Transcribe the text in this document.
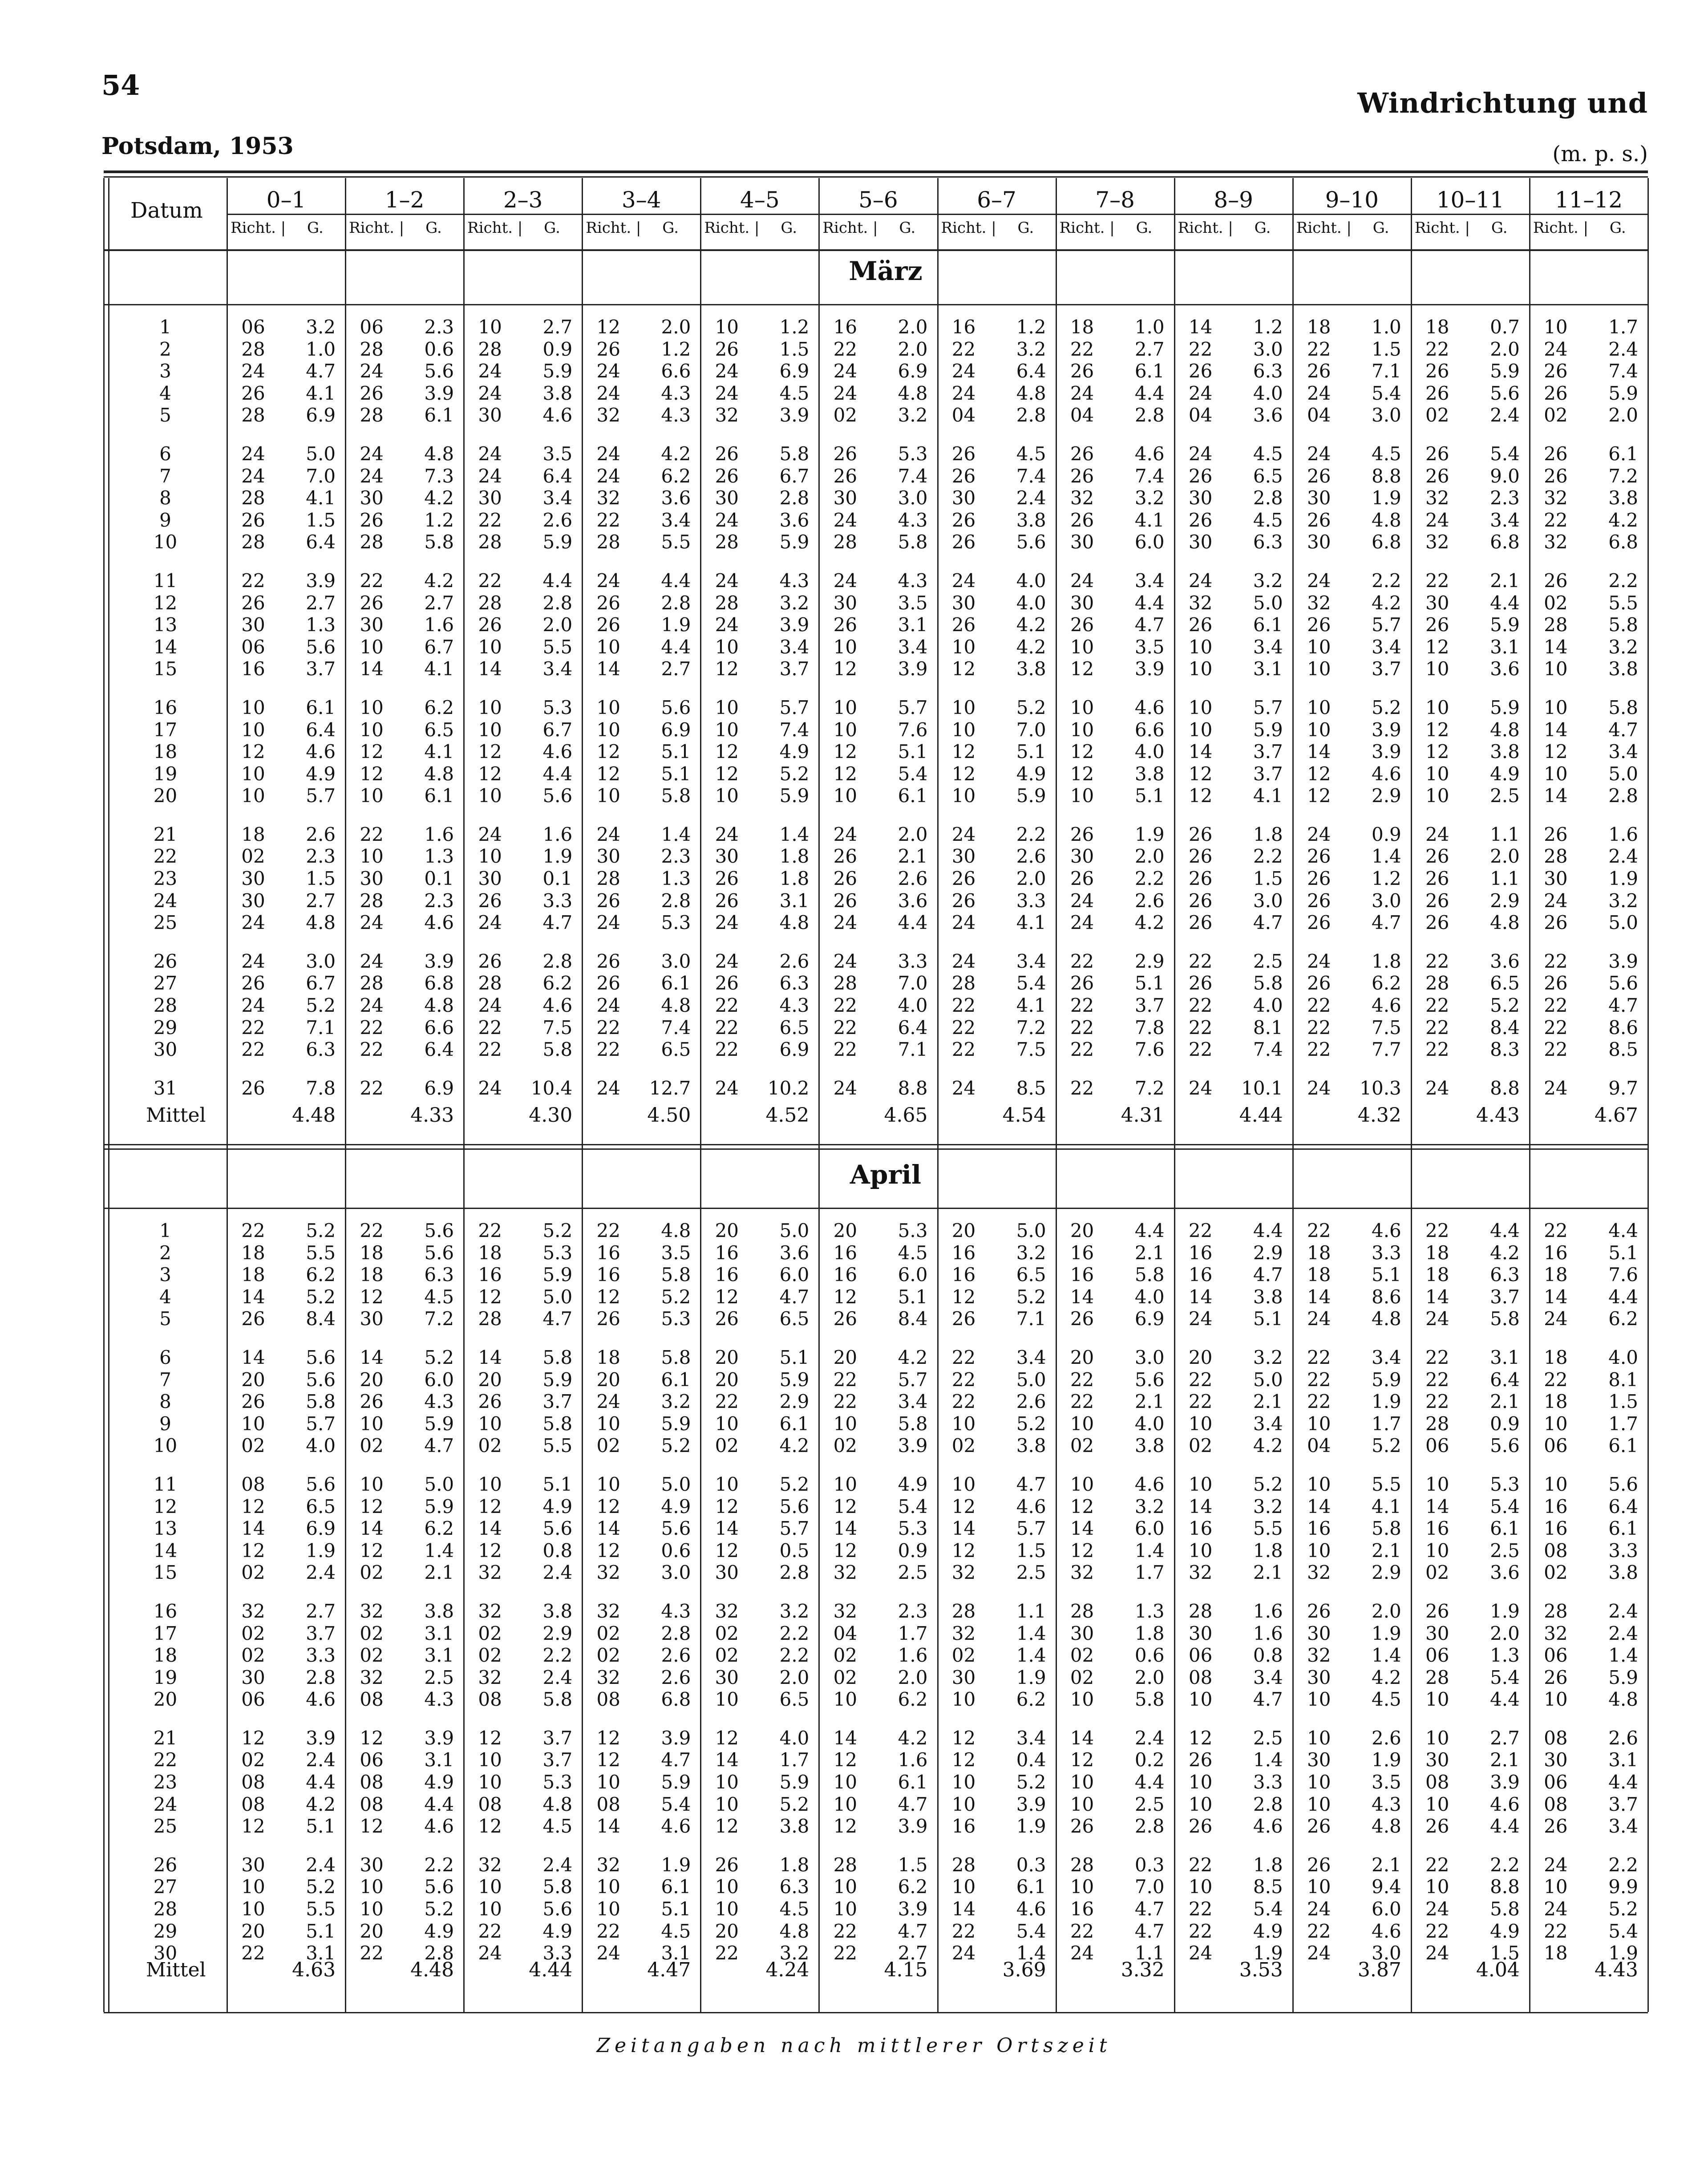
54
Windrichtung und
Potsdam, 1953	(m. p. s.)
Datum	0–1
Richt. | G.
1–2
Richt. | G.
2–3
Richt. | G.
3–4
Richt. | G.
4–5
Richt. | G.
5–6
Richt. | G.
6–7
Richt. | G.
7–8
Richt. | G.
8–9
Richt. | G.
9–10
Richt. | G.
10–11
Richt. | G.
11–12
Richt. | G.
Zeitangaben nach mittlerer Ortszeit
März
1	06	3.2	06	2.3	10	2.7	12	2.0	10	1.2	16	2.0	16	1.2	18	1.0	14	1.2	18	1.0	18	0.7	10	1.7
2	28	1.0	28	0.6	28	0.9	26	1.2	26	1.5	22	2.0	22	3.2	22	2.7	22	3.0	22	1.5	22	2.0	24	2.4
3	24	4.7	24	5.6	24	5.9	24	6.6	24	6.9	24	6.9	24	6.4	26	6.1	26	6.3	26	7.1	26	5.9	26	7.4
4	26	4.1	26	3.9	24	3.8	24	4.3	24	4.5	24	4.8	24	4.8	24	4.4	24	4.0	24	5.4	26	5.6	26	5.9
5	28	6.9	28	6.1	30	4.6	32	4.3	32	3.9	02	3.2	04	2.8	04	2.8	04	3.6	04	3.0	02	2.4	02	2.0

6	24	5.0	24	4.8	24	3.5	24	4.2	26	5.8	26	5.3	26	4.5	26	4.6	24	4.5	24	4.5	26	5.4	26	6.1
7	24	7.0	24	7.3	24	6.4	24	6.2	26	6.7	26	7.4	26	7.4	26	7.4	26	6.5	26	8.8	26	9.0	26	7.2
8	28	4.1	30	4.2	30	3.4	32	3.6	30	2.8	30	3.0	30	2.4	32	3.2	30	2.8	30	1.9	32	2.3	32	3.8
9	26	1.5	26	1.2	22	2.6	22	3.4	24	3.6	24	4.3	26	3.8	26	4.1	26	4.5	26	4.8	24	3.4	22	4.2
10	28	6.4	28	5.8	28	5.9	28	5.5	28	5.9	28	5.8	26	5.6	30	6.0	30	6.3	30	6.8	32	6.8	32	6.8

11	22	3.9	22	4.2	22	4.4	24	4.4	24	4.3	24	4.3	24	4.0	24	3.4	24	3.2	24	2.2	22	2.1	26	2.2
12	26	2.7	26	2.7	28	2.8	26	2.8	28	3.2	30	3.5	30	4.0	30	4.4	32	5.0	32	4.2	30	4.4	02	5.5
13	30	1.3	30	1.6	26	2.0	26	1.9	24	3.9	26	3.1	26	4.2	26	4.7	26	6.1	26	5.7	26	5.9	28	5.8
14	06	5.6	10	6.7	10	5.5	10	4.4	10	3.4	10	3.4	10	4.2	10	3.5	10	3.4	10	3.4	12	3.1	14	3.2
15	16	3.7	14	4.1	14	3.4	14	2.7	12	3.7	12	3.9	12	3.8	12	3.9	10	3.1	10	3.7	10	3.6	10	3.8

16	10	6.1	10	6.2	10	5.3	10	5.6	10	5.7	10	5.7	10	5.2	10	4.6	10	5.7	10	5.2	10	5.9	10	5.8
17	10	6.4	10	6.5	10	6.7	10	6.9	10	7.4	10	7.6	10	7.0	10	6.6	10	5.9	10	3.9	12	4.8	14	4.7
18	12	4.6	12	4.1	12	4.6	12	5.1	12	4.9	12	5.1	12	5.1	12	4.0	14	3.7	14	3.9	12	3.8	12	3.4
19	10	4.9	12	4.8	12	4.4	12	5.1	12	5.2	12	5.4	12	4.9	12	3.8	12	3.7	12	4.6	10	4.9	10	5.0
20	10	5.7	10	6.1	10	5.6	10	5.8	10	5.9	10	6.1	10	5.9	10	5.1	12	4.1	12	2.9	10	2.5	14	2.8

21	18	2.6	22	1.6	24	1.6	24	1.4	24	1.4	24	2.0	24	2.2	26	1.9	26	1.8	24	0.9	24	1.1	26	1.6
22	02	2.3	10	1.3	10	1.9	30	2.3	30	1.8	26	2.1	30	2.6	30	2.0	26	2.2	26	1.4	26	2.0	28	2.4
23	30	1.5	30	0.1	30	0.1	28	1.3	26	1.8	26	2.6	26	2.0	26	2.2	26	1.5	26	1.2	26	1.1	30	1.9
24	30	2.7	28	2.3	26	3.3	26	2.8	26	3.1	26	3.6	26	3.3	24	2.6	26	3.0	26	3.0	26	2.9	24	3.2
25	24	4.8	24	4.6	24	4.7	24	5.3	24	4.8	24	4.4	24	4.1	24	4.2	26	4.7	26	4.7	26	4.8	26	5.0

26	24	3.0	24	3.9	26	2.8	26	3.0	24	2.6	24	3.3	24	3.4	22	2.9	22	2.5	24	1.8	22	3.6	22	3.9
27	26	6.7	28	6.8	28	6.2	26	6.1	26	6.3	28	7.0	28	5.4	26	5.1	26	5.8	26	6.2	28	6.5	26	5.6
28	24	5.2	24	4.8	24	4.6	24	4.8	22	4.3	22	4.0	22	4.1	22	3.7	22	4.0	22	4.6	22	5.2	22	4.7
29	22	7.1	22	6.6	22	7.5	22	7.4	22	6.5	22	6.4	22	7.2	22	7.8	22	8.1	22	7.5	22	8.4	22	8.6
30	22	6.3	22	6.4	22	5.8	22	6.5	22	6.9	22	7.1	22	7.5	22	7.6	22	7.4	22	7.7	22	8.3	22	8.5

31	26	7.8	22	6.9	24	10.4	24	12.7	24	10.2	24	8.8	24	8.5	22	7.2	24	10.1	24	10.3	24	8.8	24	9.7
Mittel	4.48	4.33	4.30	4.50	4.52	4.65	4.54	4.31	4.44	4.32	4.43	4.67
April
1	22	5.2	22	5.6	22	5.2	22	4.8	20	5.0	20	5.3	20	5.0	20	4.4	22	4.4	22	4.6	22	4.4	22	4.4
2	18	5.5	18	5.6	18	5.3	16	3.5	16	3.6	16	4.5	16	3.2	16	2.1	16	2.9	18	3.3	18	4.2	16	5.1
3	18	6.2	18	6.3	16	5.9	16	5.8	16	6.0	16	6.0	16	6.5	16	5.8	16	4.7	18	5.1	18	6.3	18	7.6
4	14	5.2	12	4.5	12	5.0	12	5.2	12	4.7	12	5.1	12	5.2	14	4.0	14	3.8	14	8.6	14	3.7	14	4.4
5	26	8.4	30	7.2	28	4.7	26	5.3	26	6.5	26	8.4	26	7.1	26	6.9	24	5.1	24	4.8	24	5.8	24	6.2

6	14	5.6	14	5.2	14	5.8	18	5.8	20	5.1	20	4.2	22	3.4	20	3.0	20	3.2	22	3.4	22	3.1	18	4.0
7	20	5.6	20	6.0	20	5.9	20	6.1	20	5.9	22	5.7	22	5.0	22	5.6	22	5.0	22	5.9	22	6.4	22	8.1
8	26	5.8	26	4.3	26	3.7	24	3.2	22	2.9	22	3.4	22	2.6	22	2.1	22	2.1	22	1.9	22	2.1	18	1.5
9	10	5.7	10	5.9	10	5.8	10	5.9	10	6.1	10	5.8	10	5.2	10	4.0	10	3.4	10	1.7	28	0.9	10	1.7
10	02	4.0	02	4.7	02	5.5	02	5.2	02	4.2	02	3.9	02	3.8	02	3.8	02	4.2	04	5.2	06	5.6	06	6.1

11	08	5.6	10	5.0	10	5.1	10	5.0	10	5.2	10	4.9	10	4.7	10	4.6	10	5.2	10	5.5	10	5.3	10	5.6
12	12	6.5	12	5.9	12	4.9	12	4.9	12	5.6	12	5.4	12	4.6	12	3.2	14	3.2	14	4.1	14	5.4	16	6.4
13	14	6.9	14	6.2	14	5.6	14	5.6	14	5.7	14	5.3	14	5.7	14	6.0	16	5.5	16	5.8	16	6.1	16	6.1
14	12	1.9	12	1.4	12	0.8	12	0.6	12	0.5	12	0.9	12	1.5	12	1.4	10	1.8	10	2.1	10	2.5	08	3.3
15	02	2.4	02	2.1	32	2.4	32	3.0	30	2.8	32	2.5	32	2.5	32	1.7	32	2.1	32	2.9	02	3.6	02	3.8

16	32	2.7	32	3.8	32	3.8	32	4.3	32	3.2	32	2.3	28	1.1	28	1.3	28	1.6	26	2.0	26	1.9	28	2.4
17	02	3.7	02	3.1	02	2.9	02	2.8	02	2.2	04	1.7	32	1.4	30	1.8	30	1.6	30	1.9	30	2.0	32	2.4
18	02	3.3	02	3.1	02	2.2	02	2.6	02	2.2	02	1.6	02	1.4	02	0.6	06	0.8	32	1.4	06	1.3	06	1.4
19	30	2.8	32	2.5	32	2.4	32	2.6	30	2.0	02	2.0	30	1.9	02	2.0	08	3.4	30	4.2	28	5.4	26	5.9
20	06	4.6	08	4.3	08	5.8	08	6.8	10	6.5	10	6.2	10	6.2	10	5.8	10	4.7	10	4.5	10	4.4	10	4.8

21	12	3.9	12	3.9	12	3.7	12	3.9	12	4.0	14	4.2	12	3.4	14	2.4	12	2.5	10	2.6	10	2.7	08	2.6
22	02	2.4	06	3.1	10	3.7	12	4.7	14	1.7	12	1.6	12	0.4	12	0.2	26	1.4	30	1.9	30	2.1	30	3.1
23	08	4.4	08	4.9	10	5.3	10	5.9	10	5.9	10	6.1	10	5.2	10	4.4	10	3.3	10	3.5	08	3.9	06	4.4
24	08	4.2	08	4.4	08	4.8	08	5.4	10	5.2	10	4.7	10	3.9	10	2.5	10	2.8	10	4.3	10	4.6	08	3.7
25	12	5.1	12	4.6	12	4.5	14	4.6	12	3.8	12	3.9	16	1.9	26	2.8	26	4.6	26	4.8	26	4.4	26	3.4

26	30	2.4	30	2.2	32	2.4	32	1.9	26	1.8	28	1.5	28	0.3	28	0.3	22	1.8	26	2.1	22	2.2	24	2.2
27	10	5.2	10	5.6	10	5.8	10	6.1	10	6.3	10	6.2	10	6.1	10	7.0	10	8.5	10	9.4	10	8.8	10	9.9
28	10	5.5	10	5.2	10	5.6	10	5.1	10	4.5	10	3.9	14	4.6	16	4.7	22	5.4	24	6.0	24	5.8	24	5.2
29	20	5.1	20	4.9	22	4.9	22	4.5	20	4.8	22	4.7	22	5.4	22	4.7	22	4.9	22	4.6	22	4.9	22	5.4
30	22	3.1	22	2.8	24	3.3	24	3.1	22	3.2	22	2.7	24	1.4	24	1.1	24	1.9	24	3.0	24	1.5	18	1.9
Mittel	4.63	4.48	4.44	4.47	4.24	4.15	3.69	3.32	3.53	3.87	4.04	4.43
